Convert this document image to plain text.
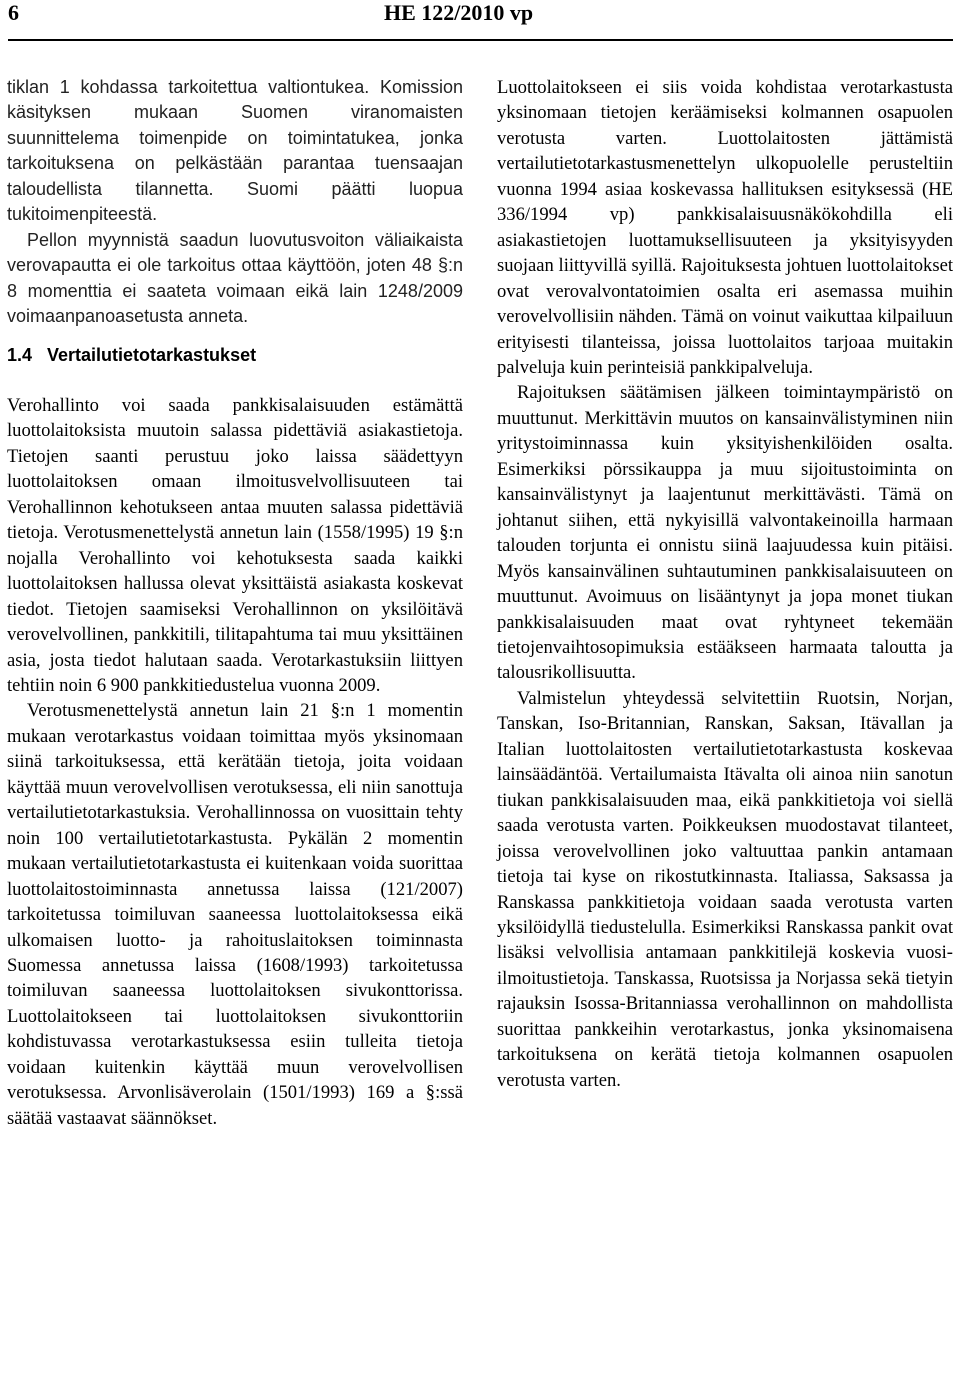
6	HE 122/2010 vp

tiklan 1 kohdassa tarkoitettua valtiontukea. Komission käsityksen mukaan Suomen viranomaisten suunnittelema toimenpide on toimintatukea, jonka tarkoituksena on pelkästään parantaa tuensaajan taloudellista tilannetta. Suomi päätti luopua tukitoimenpiteestä.

Pellon myynnistä saadun luovutusvoiton väliaikaista verovapautta ei ole tarkoitus ottaa käyttöön, joten 48 §:n 8 momenttia ei saateta voimaan eikä lain 1248/2009 voimaanpanoasetusta anneta.

1.4 Vertailutietotarkastukset

Verohallinto voi saada pankkisalaisuuden estämättä luottolaitoksista muutoin salassa pidettäviä asiakastietoja. Tietojen saanti perustuu joko laissa säädettyyn luottolaitoksen omaan ilmoitusvelvollisuuteen tai Verohallinnon kehotukseen antaa muuten salassa pidettäviä tietoja. Verotusmenettelystä annetun lain (1558/1995) 19 §:n nojalla Verohallinto voi kehotuksesta saada kaikki luottolaitoksen hallussa olevat yksittäistä asiakasta koskevat tiedot. Tietojen saamiseksi Verohallinnon on yksilöitävä verovelvollinen, pankkitili, tilitapahtuma tai muu yksittäinen asia, josta tiedot halutaan saada. Verotarkastuksiin liittyen tehtiin noin 6 900 pankkitiedustelua vuonna 2009.

Verotusmenettelystä annetun lain 21 §:n 1 momentin mukaan verotarkastus voidaan toimittaa myös yksinomaan siinä tarkoituksessa, että kerätään tietoja, joita voidaan käyttää muun verovelvollisen verotuksessa, eli niin sanottuja vertailutietotarkastuksia. Verohallinnossa on vuosittain tehty noin 100 vertailutietotarkastusta. Pykälän 2 momentin mukaan vertailutietotarkastusta ei kuitenkaan voida suorittaa luottolaitostoiminnasta annetussa laissa (121/2007) tarkoitetussa toimiluvan saaneessa luottolaitoksessa eikä ulkomaisen luotto- ja rahoituslaitoksen toiminnasta Suomessa annetussa laissa (1608/1993) tarkoitetussa toimiluvan saaneessa luottolaitoksen sivukonttorissa. Luottolaitokseen tai luottolaitoksen sivukonttoriin kohdistuvassa verotarkastuksessa esiin tulleita tietoja voidaan kuitenkin käyttää muun verovelvollisen verotuksessa. Arvonlisäverolain (1501/1993) 169 a §:ssä säätää vastaavat säännökset.

Luottolaitokseen ei siis voida kohdistaa verotarkastusta yksinomaan tietojen keräämiseksi kolmannen osapuolen verotusta varten. Luottolaitosten jättämistä vertailutietotarkastusmenettelyn ulkopuolelle perusteltiin vuonna 1994 asiaa koskevassa hallituksen esityksessä (HE 336/1994 vp) pankkisalaisuusnäkökohdilla eli asiakastietojen luottamuksellisuuteen ja yksityisyyden suojaan liittyvillä syillä. Rajoituksesta johtuen luottolaitokset ovat verovalvontatoimien osalta eri asemassa muihin verovelvollisiin nähden. Tämä on voinut vaikuttaa kilpailuun erityisesti tilanteissa, joissa luottolaitos tarjoaa muitakin palveluja kuin perinteisiä pankkipalveluja.

Rajoituksen säätämisen jälkeen toimintaympäristö on muuttunut. Merkittävin muutos on kansainvälistyminen niin yritystoiminnassa kuin yksityishenkilöiden osalta. Esimerkiksi pörssikauppa ja muu sijoitustoiminta on kansainvälistynyt ja laajentunut merkittävästi. Tämä on johtanut siihen, että nykyisillä valvontakeinoilla harmaan talouden torjunta ei onnistu siinä laajuudessa kuin pitäisi. Myös kansainvälinen suhtautuminen pankkisalaisuuteen on muuttunut. Avoimuus on lisääntynyt ja jopa monet tiukan pankkisalaisuuden maat ovat ryhtyneet tekemään tietojenvaihtosopimuksia estääkseen harmaata taloutta ja talousrikollisuutta.

Valmistelun yhteydessä selvitettiin Ruotsin, Norjan, Tanskan, Iso-Britannian, Ranskan, Saksan, Itävallan ja Italian luottolaitosten vertailutietotarkastusta koskevaa lainsäädäntöä. Vertailumaista Itävalta oli ainoa niin sanotun tiukan pankkisalaisuuden maa, eikä pankkitietoja voi siellä saada verotusta varten. Poikkeuksen muodostavat tilanteet, joissa verovelvollinen joko valtuuttaa pankin antamaan tietoja tai kyse on rikostutkinnasta. Italiassa, Saksassa ja Ranskassa pankkitietoja voidaan saada verotusta varten yksilöidyllä tiedustelulla. Esimerkiksi Ranskassa pankit ovat lisäksi velvollisia antamaan pankkitilejä koskevia vuosi-ilmoitustietoja. Tanskassa, Ruotsissa ja Norjassa sekä tietyin rajauksin Isossa-Britanniassa verohallinnon on mahdollista suorittaa pankkeihin verotarkastus, jonka yksinomaisena tarkoituksena on kerätä tietoja kolmannen osapuolen verotusta varten.
